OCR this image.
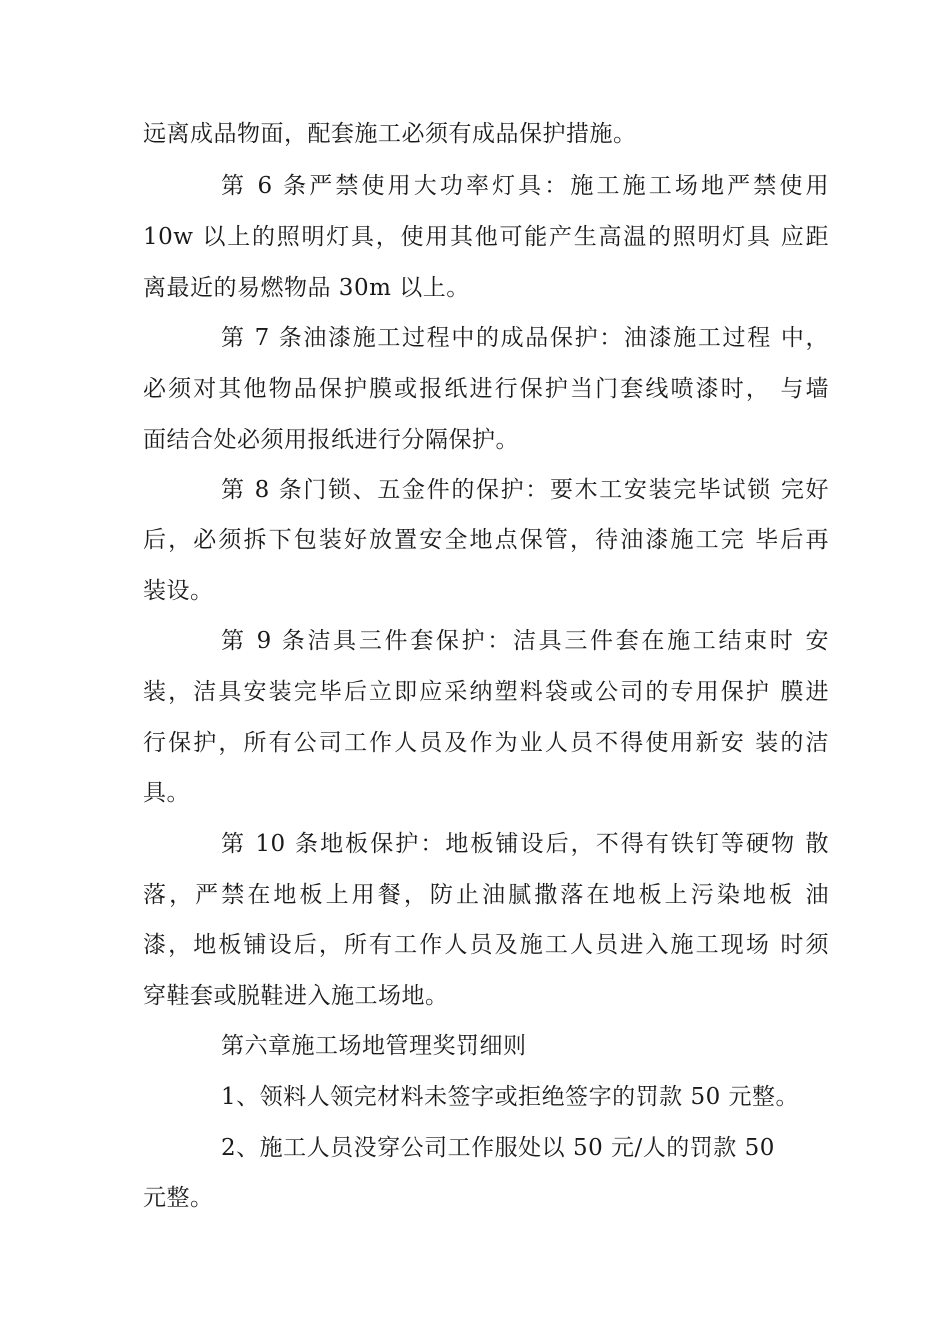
远离成品物面，配套施工必须有成品保护措施。
第 6 条严禁使用大功率灯具：施工施工场地严禁使用
10w 以上的照明灯具，使用其他可能产生高温的照明灯具 应距
离最近的易燃物品 30m 以上。
第 7 条油漆施工过程中的成品保护：油漆施工过程 中，
必须对其他物品保护膜或报纸进行保护当门套线喷漆时， 与墙
面结合处必须用报纸进行分隔保护。
第 8 条门锁、五金件的保护：要木工安装完毕试锁 完好
后，必须拆下包装好放置安全地点保管，待油漆施工完 毕后再
装设。
第 9 条洁具三件套保护：洁具三件套在施工结束时 安
装，洁具安装完毕后立即应采纳塑料袋或公司的专用保护 膜进
行保护，所有公司工作人员及作为业人员不得使用新安 装的洁
具。
第 10 条地板保护：地板铺设后，不得有铁钉等硬物 散
落，严禁在地板上用餐，防止油腻撒落在地板上污染地板 油
漆，地板铺设后，所有工作人员及施工人员进入施工现场 时须
穿鞋套或脱鞋进入施工场地。
第六章施工场地管理奖罚细则
1、领料人领完材料未签字或拒绝签字的罚款 50 元整。
2、施工人员没穿公司工作服处以 50 元/人的罚款 50
元整。
